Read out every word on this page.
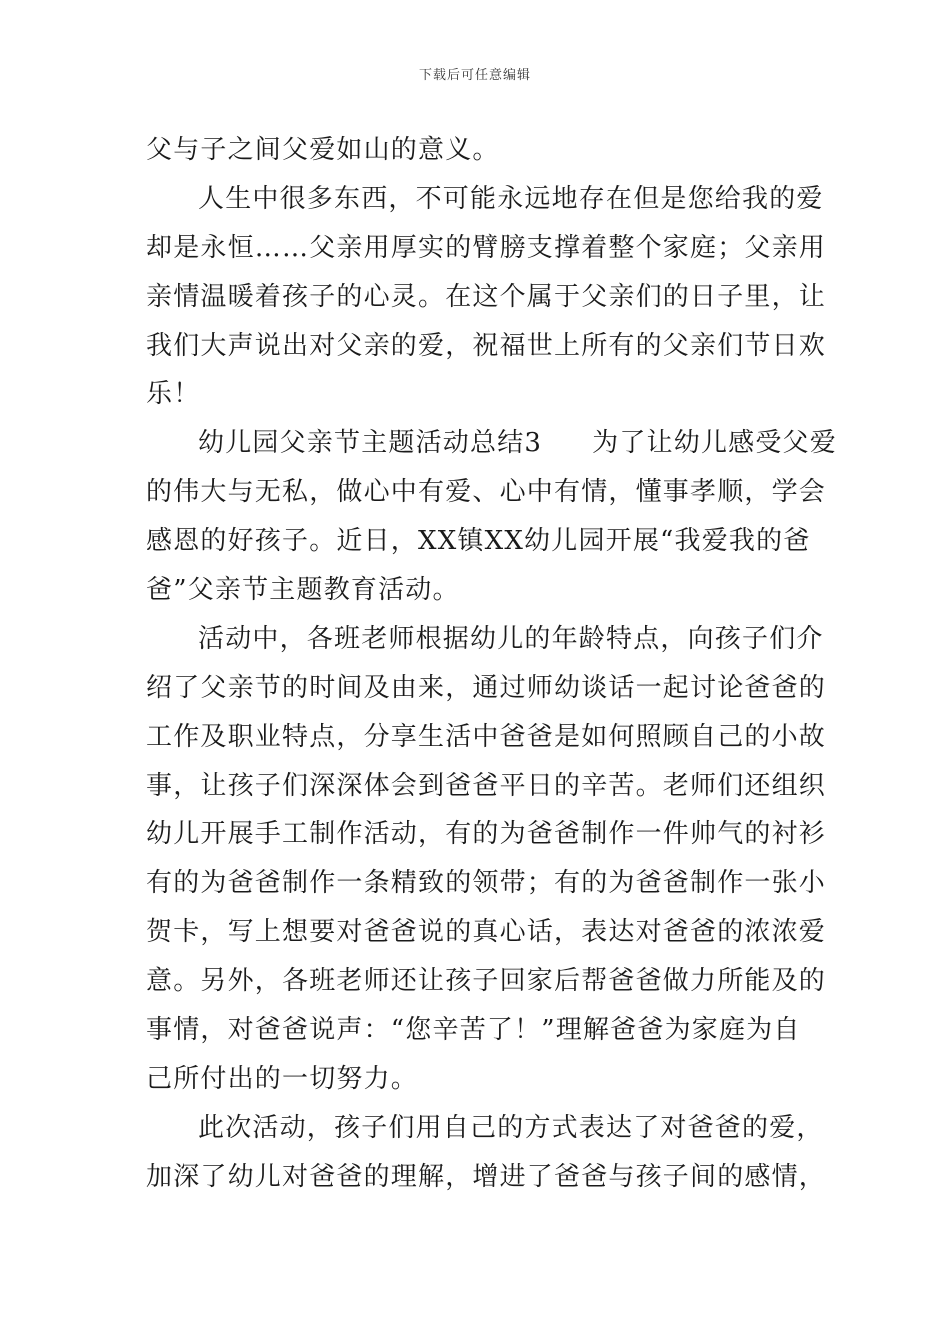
下载后可任意编辑
父与子之间父爱如山的意义。
人生中很多东西，不可能永远地存在但是您给我的爱
却是永恒……父亲用厚实的臂膀支撑着整个家庭；父亲用
亲情温暖着孩子的心灵。在这个属于父亲们的日子里，让
我们大声说出对父亲的爱，祝福世上所有的父亲们节日欢
乐！
幼儿园父亲节主题活动总结3 为了让幼儿感受父爱
的伟大与无私，做心中有爱、心中有情，懂事孝顺，学会
感恩的好孩子。近日，XX镇XX幼儿园开展“我爱我的爸
爸”父亲节主题教育活动。
活动中，各班老师根据幼儿的年龄特点，向孩子们介
绍了父亲节的时间及由来，通过师幼谈话一起讨论爸爸的
工作及职业特点，分享生活中爸爸是如何照顾自己的小故
事，让孩子们深深体会到爸爸平日的辛苦。老师们还组织
幼儿开展手工制作活动，有的为爸爸制作一件帅气的衬衫
有的为爸爸制作一条精致的领带；有的为爸爸制作一张小
贺卡，写上想要对爸爸说的真心话，表达对爸爸的浓浓爱
意。另外，各班老师还让孩子回家后帮爸爸做力所能及的
事情，对爸爸说声：“您辛苦了！”理解爸爸为家庭为自
己所付出的一切努力。
此次活动，孩子们用自己的方式表达了对爸爸的爱，
加深了幼儿对爸爸的理解，增进了爸爸与孩子间的感情，
